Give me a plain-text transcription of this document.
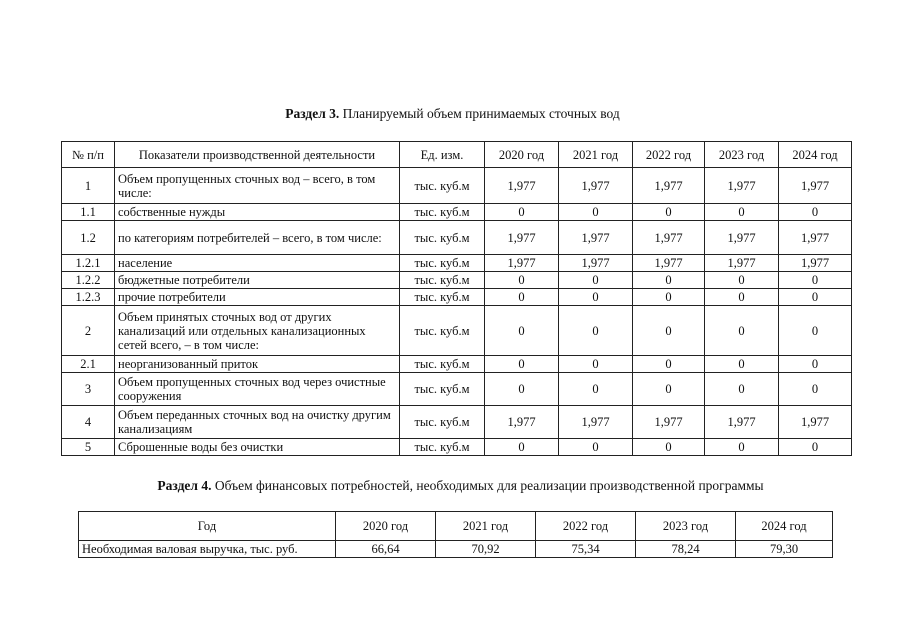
Раздел 3. Планируемый объем принимаемых сточных вод
№ п/п	Показатели производственной деятельности	Ед. изм.	2020 год	2021 год	2022 год	2023 год	2024 год
1	Объем пропущенных сточных вод – всего, в том числе:	тыс. куб.м	1,977	1,977	1,977	1,977	1,977
1.1	собственные нужды	тыс. куб.м	0	0	0	0	0
1.2	по категориям потребителей – всего, в том числе:	тыс. куб.м	1,977	1,977	1,977	1,977	1,977
1.2.1	население	тыс. куб.м	1,977	1,977	1,977	1,977	1,977
1.2.2	бюджетные потребители	тыс. куб.м	0	0	0	0	0
1.2.3	прочие потребители	тыс. куб.м	0	0	0	0	0
2	Объем принятых сточных вод от других канализаций или отдельных канализационных сетей всего, – в том числе:	тыс. куб.м	0	0	0	0	0
2.1	неорганизованный приток	тыс. куб.м	0	0	0	0	0
3	Объем пропущенных сточных вод через очистные сооружения	тыс. куб.м	0	0	0	0	0
4	Объем переданных сточных вод на очистку другим канализациям	тыс. куб.м	1,977	1,977	1,977	1,977	1,977
5	Сброшенные воды без очистки	тыс. куб.м	0	0	0	0	0
Раздел 4. Объем финансовых потребностей, необходимых для реализации производственной программы
Год	2020 год	2021 год	2022 год	2023 год	2024 год
Необходимая валовая выручка, тыс. руб.	66,64	70,92	75,34	78,24	79,30
